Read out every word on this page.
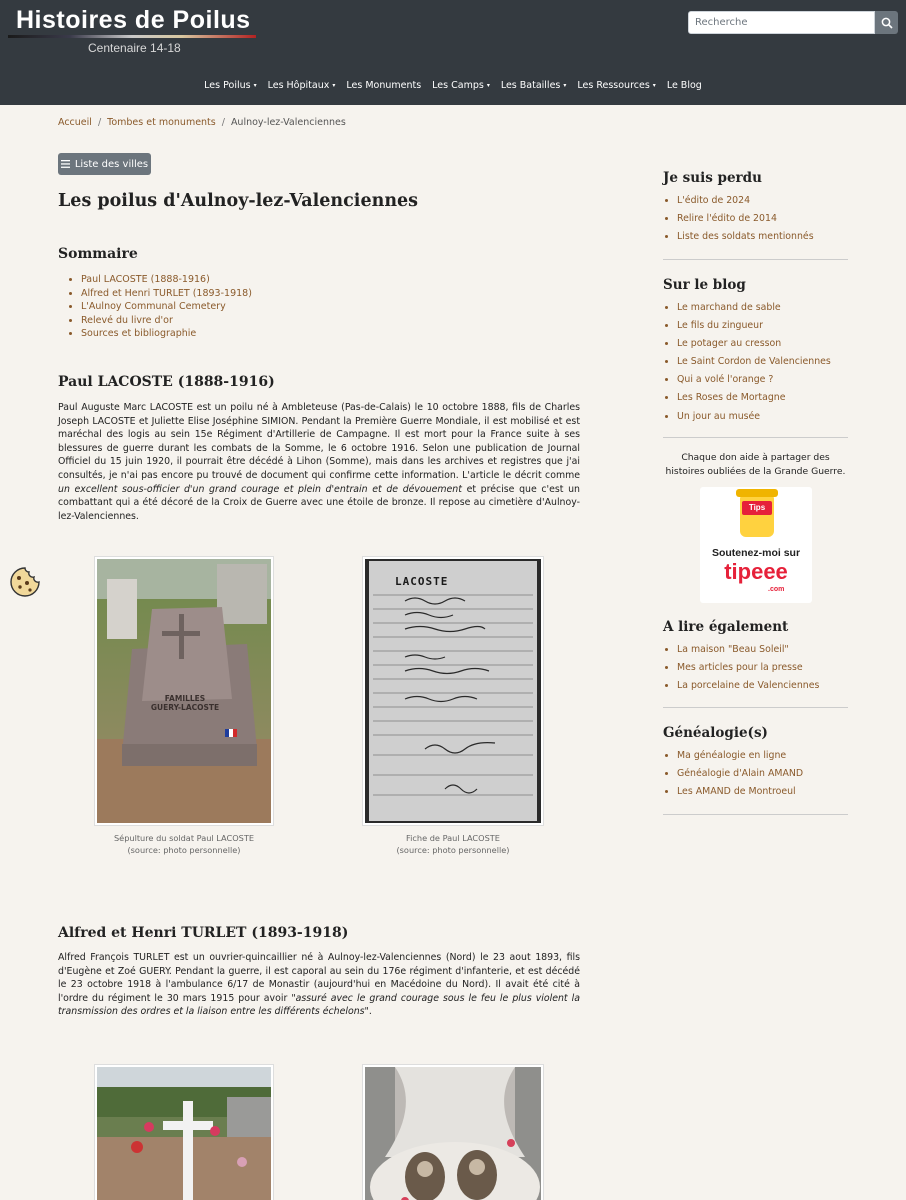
Histoires de Poilus
Centenaire 14-18
Recherche
Les Poilus ▾ Les Hôpitaux ▾ Les Monuments Les Camps ▾ Les Batailles ▾ Les Ressources ▾ Le Blog
Accueil / Tombes et monuments / Aulnoy-lez-Valenciennes
Liste des villes
Les poilus d'Aulnoy-lez-Valenciennes
Sommaire
• Paul LACOSTE (1888-1916)
• Alfred et Henri TURLET (1893-1918)
• L'Aulnoy Communal Cemetery
• Relevé du livre d'or
• Sources et bibliographie
Paul LACOSTE (1888-1916)
Paul Auguste Marc LACOSTE est un poilu né à Ambleteuse (Pas-de-Calais) le 10 octobre 1888, fils de Charles Joseph LACOSTE et Juliette Elise Joséphine SIMION. Pendant la Première Guerre Mondiale, il est mobilisé et est maréchal des logis au sein 15e Régiment d'Artillerie de Campagne. Il est mort pour la France suite à ses blessures de guerre durant les combats de la Somme, le 6 octobre 1916. Selon une publication de Journal Officiel du 15 juin 1920, il pourrait être décédé à Lihon (Somme), mais dans les archives et registres que j'ai consultés, je n'ai pas encore pu trouvé de document qui confirme cette information. L'article le décrit comme un excellent sous-officier d'un grand courage et plein d'entrain et de dévouement et précise que c'est un combattant qui a été décoré de la Croix de Guerre avec une étoile de bronze. Il repose au cimetière d'Aulnoy-lez-Valenciennes.
FAMILLES
GUERY-LACOSTE
Sépulture du soldat Paul LACOSTE
(source: photo personnelle)
LACOSTE
Fiche de Paul LACOSTE
(source: photo personnelle)
Alfred et Henri TURLET (1893-1918)
Alfred François TURLET est un ouvrier-quincaillier né à Aulnoy-lez-Valenciennes (Nord) le 23 aout 1893, fils d'Eugène et Zoé GUERY. Pendant la guerre, il est caporal au sein du 176e régiment d'infanterie, et est décédé le 23 octobre 1918 à l'ambulance 6/17 de Monastir (aujourd'hui en Macédoine du Nord). Il avait été cité à l'ordre du régiment le 30 mars 1915 pour avoir "assuré avec le grand courage sous le feu le plus violent la transmission des ordres et la liaison entre les différents échelons".
Je suis perdu
• L'édito de 2024
• Relire l'édito de 2014
• Liste des soldats mentionnés
Sur le blog
• Le marchand de sable
• Le fils du zingueur
• Le potager au cresson
• Le Saint Cordon de Valenciennes
• Qui a volé l'orange ?
• Les Roses de Mortagne
• Un jour au musée
Chaque don aide à partager des histoires oubliées de la Grande Guerre.
Tips
Soutenez-moi sur
tipeee
.com
A lire également
• La maison "Beau Soleil"
• Mes articles pour la presse
• La porcelaine de Valenciennes
Généalogie(s)
• Ma généalogie en ligne
• Généalogie d'Alain AMAND
• Les AMAND de Montroeul
